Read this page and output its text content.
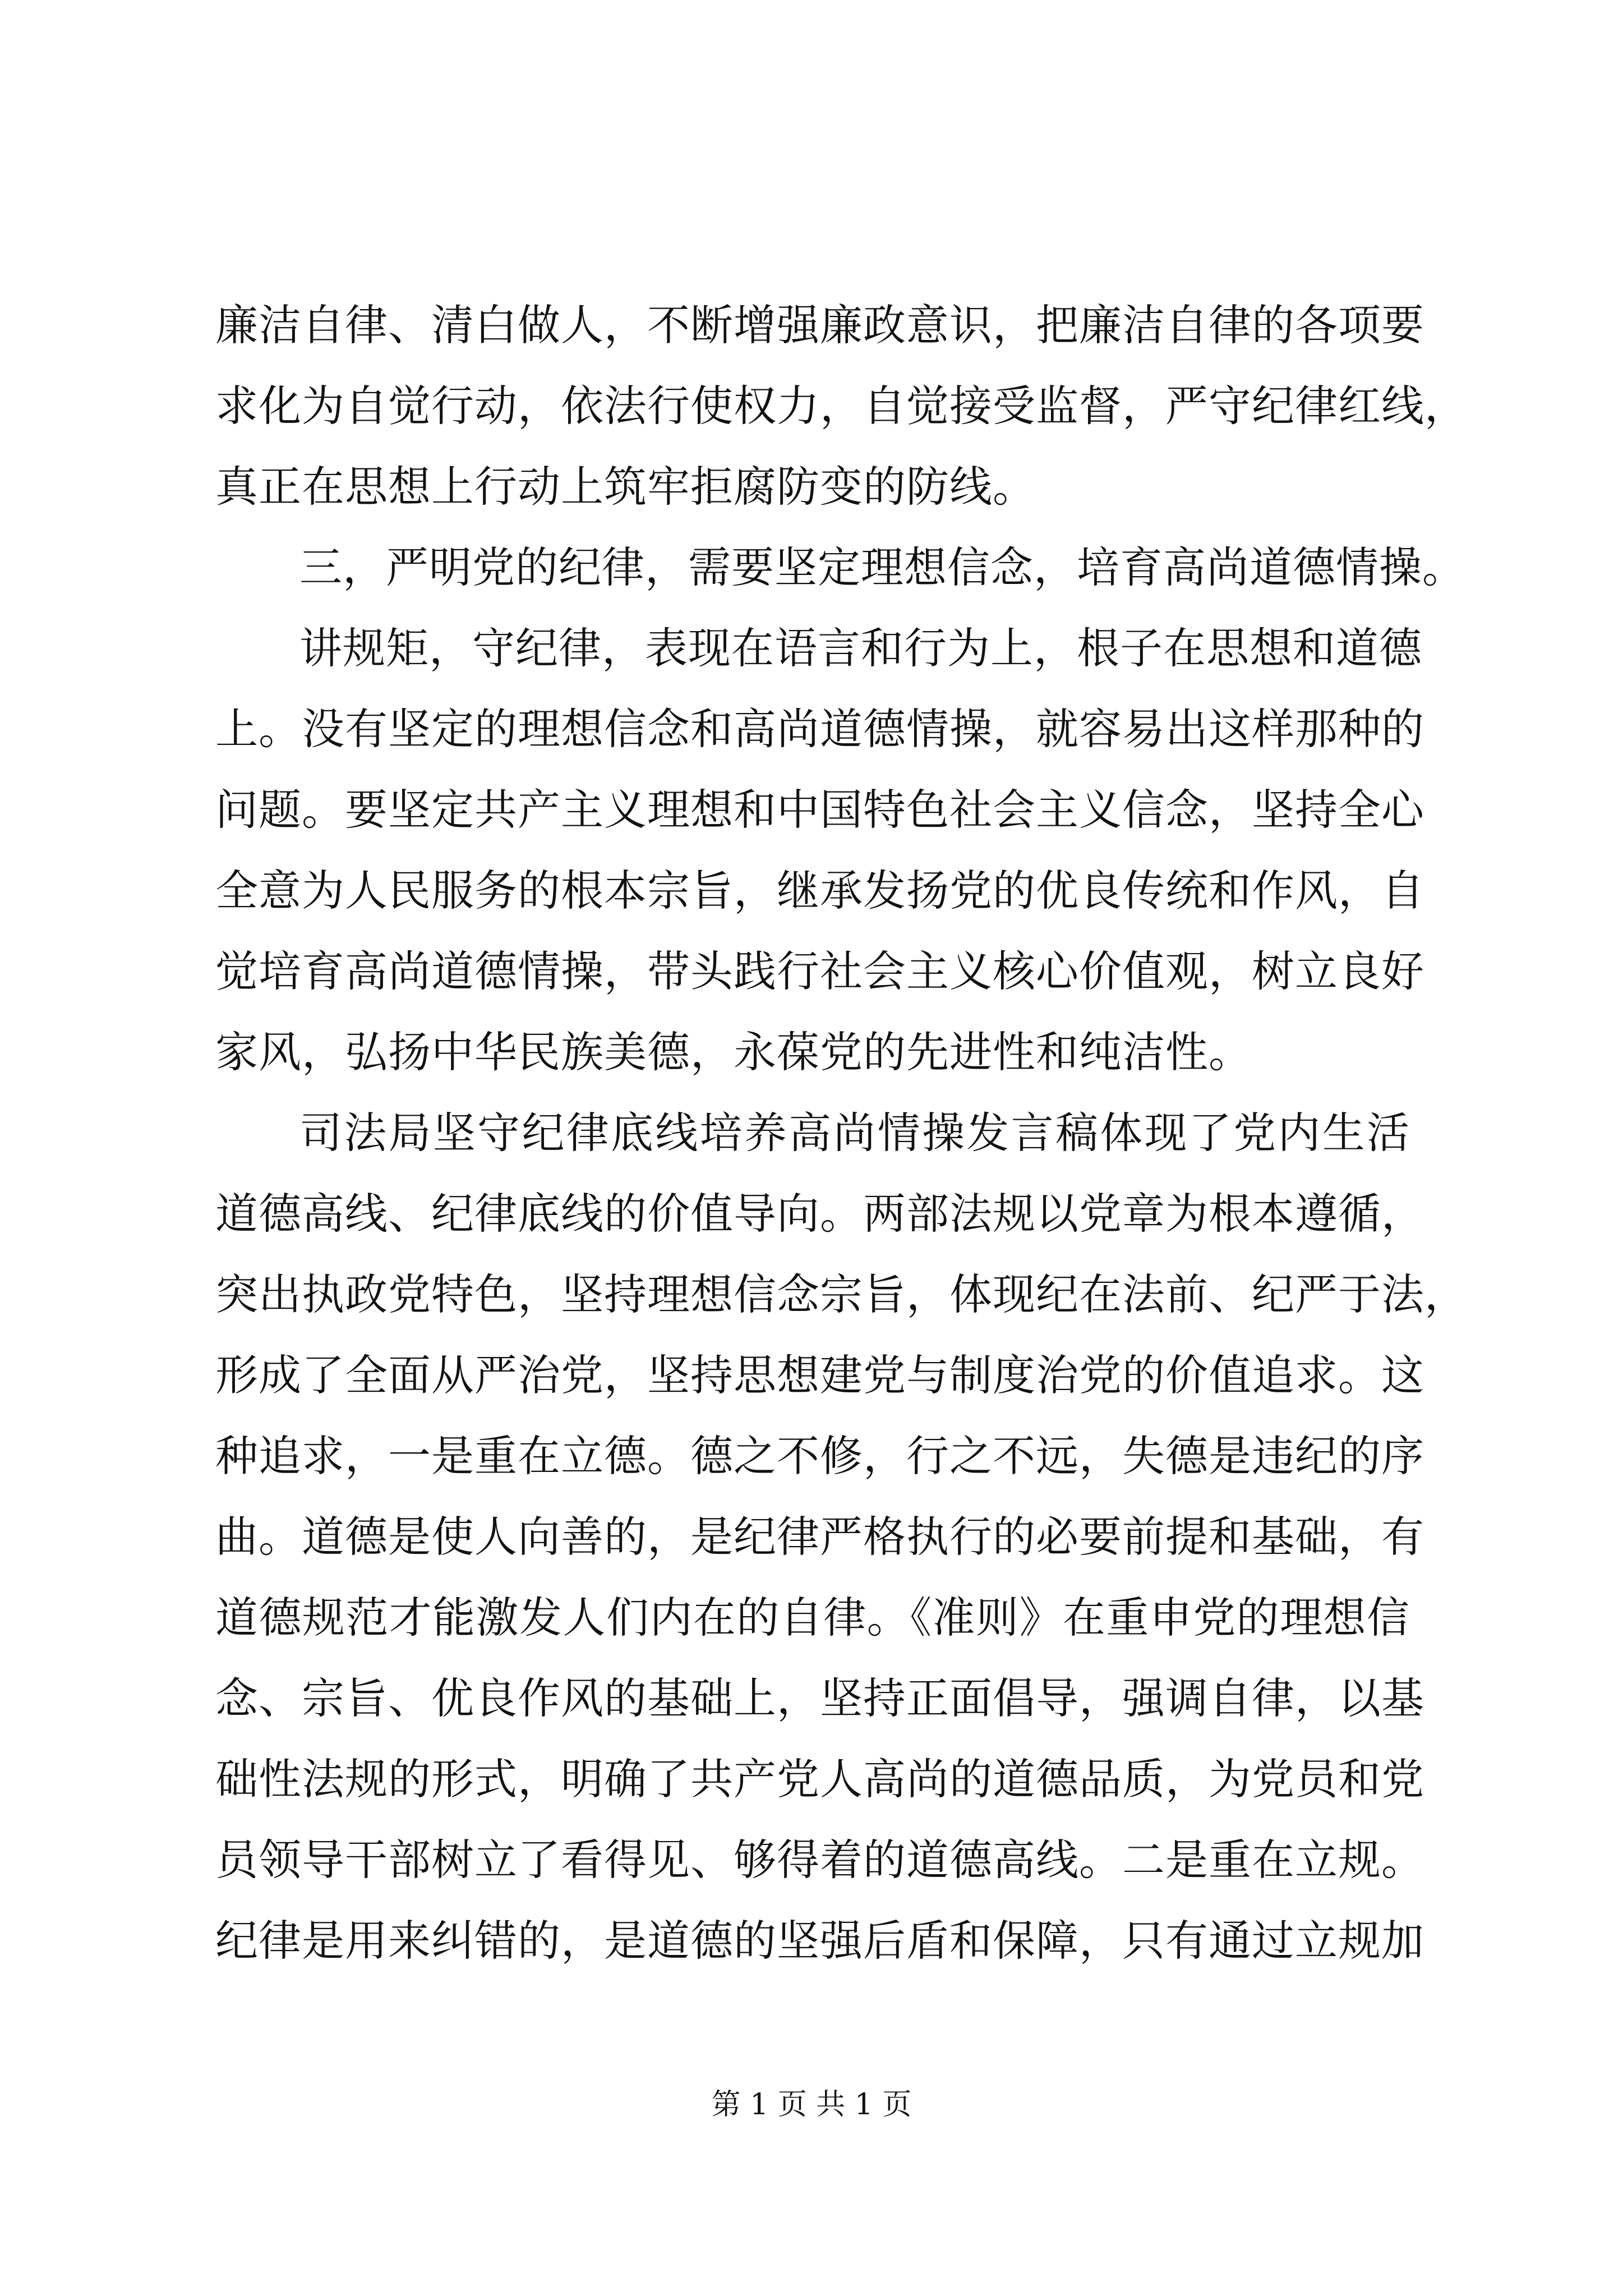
廉洁自律、清白做人，不断增强廉政意识，把廉洁自律的各项要
求化为自觉行动，依法行使权力，自觉接受监督，严守纪律红线，
真正在思想上行动上筑牢拒腐防变的防线。
三，严明党的纪律，需要坚定理想信念，培育高尚道德情操。
讲规矩，守纪律，表现在语言和行为上，根子在思想和道德
上。没有坚定的理想信念和高尚道德情操，就容易出这样那种的
问题。要坚定共产主义理想和中国特色社会主义信念，坚持全心
全意为人民服务的根本宗旨，继承发扬党的优良传统和作风，自
觉培育高尚道德情操，带头践行社会主义核心价值观，树立良好
家风，弘扬中华民族美德，永葆党的先进性和纯洁性。
司法局坚守纪律底线培养高尚情操发言稿体现了党内生活
道德高线、纪律底线的价值导向。两部法规以党章为根本遵循，
突出执政党特色，坚持理想信念宗旨，体现纪在法前、纪严于法，
形成了全面从严治党，坚持思想建党与制度治党的价值追求。这
种追求，一是重在立德。德之不修，行之不远，失德是违纪的序
曲。道德是使人向善的，是纪律严格执行的必要前提和基础，有
道德规范才能激发人们内在的自律。《准则》在重申党的理想信
念、宗旨、优良作风的基础上，坚持正面倡导，强调自律，以基
础性法规的形式，明确了共产党人高尚的道德品质，为党员和党
员领导干部树立了看得见、够得着的道德高线。二是重在立规。
纪律是用来纠错的，是道德的坚强后盾和保障，只有通过立规加
第 1 页 共 1 页
